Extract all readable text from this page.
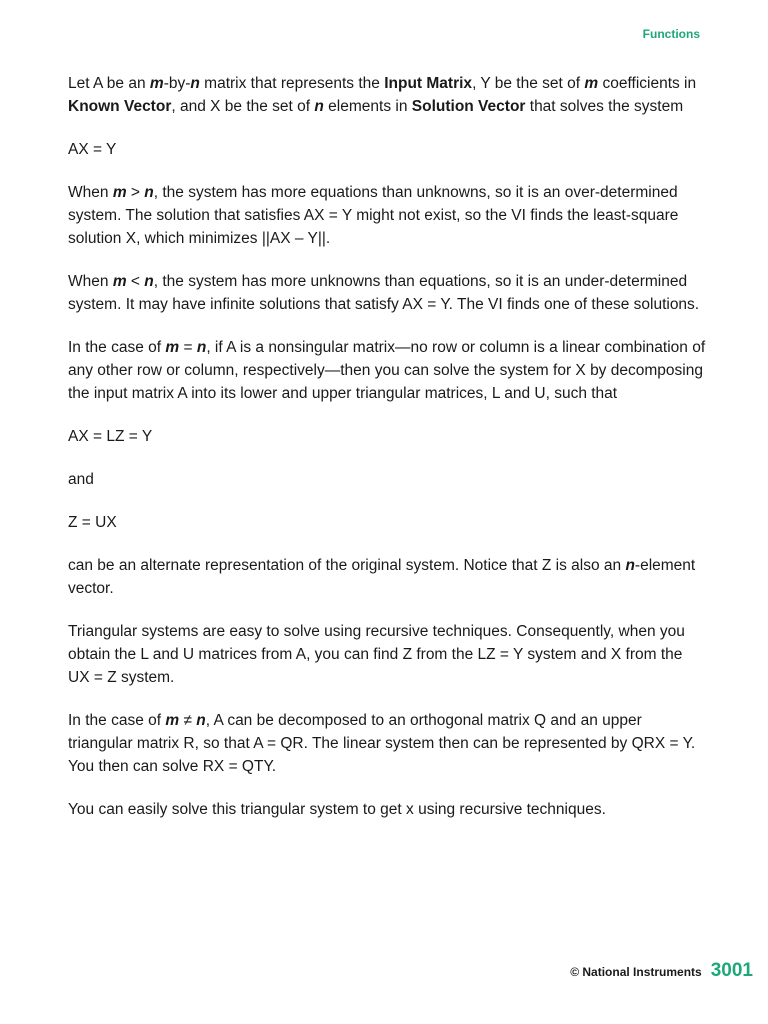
Functions

Let A be an m-by-n matrix that represents the Input Matrix, Y be the set of m coefficients in Known Vector, and X be the set of n elements in Solution Vector that solves the system

AX = Y

When m > n, the system has more equations than unknowns, so it is an over-determined system. The solution that satisfies AX = Y might not exist, so the VI finds the least-square solution X, which minimizes ||AX – Y||.

When m < n, the system has more unknowns than equations, so it is an under-determined system. It may have infinite solutions that satisfy AX = Y. The VI finds one of these solutions.

In the case of m = n, if A is a nonsingular matrix—no row or column is a linear combination of any other row or column, respectively—then you can solve the system for X by decomposing the input matrix A into its lower and upper triangular matrices, L and U, such that

AX = LZ = Y

and

Z = UX

can be an alternate representation of the original system. Notice that Z is also an n-element vector.

Triangular systems are easy to solve using recursive techniques. Consequently, when you obtain the L and U matrices from A, you can find Z from the LZ = Y system and X from the UX = Z system.

In the case of m ≠ n, A can be decomposed to an orthogonal matrix Q and an upper triangular matrix R, so that A = QR. The linear system then can be represented by QRX = Y. You then can solve RX = QTY.

You can easily solve this triangular system to get x using recursive techniques.

© National Instruments 3001
